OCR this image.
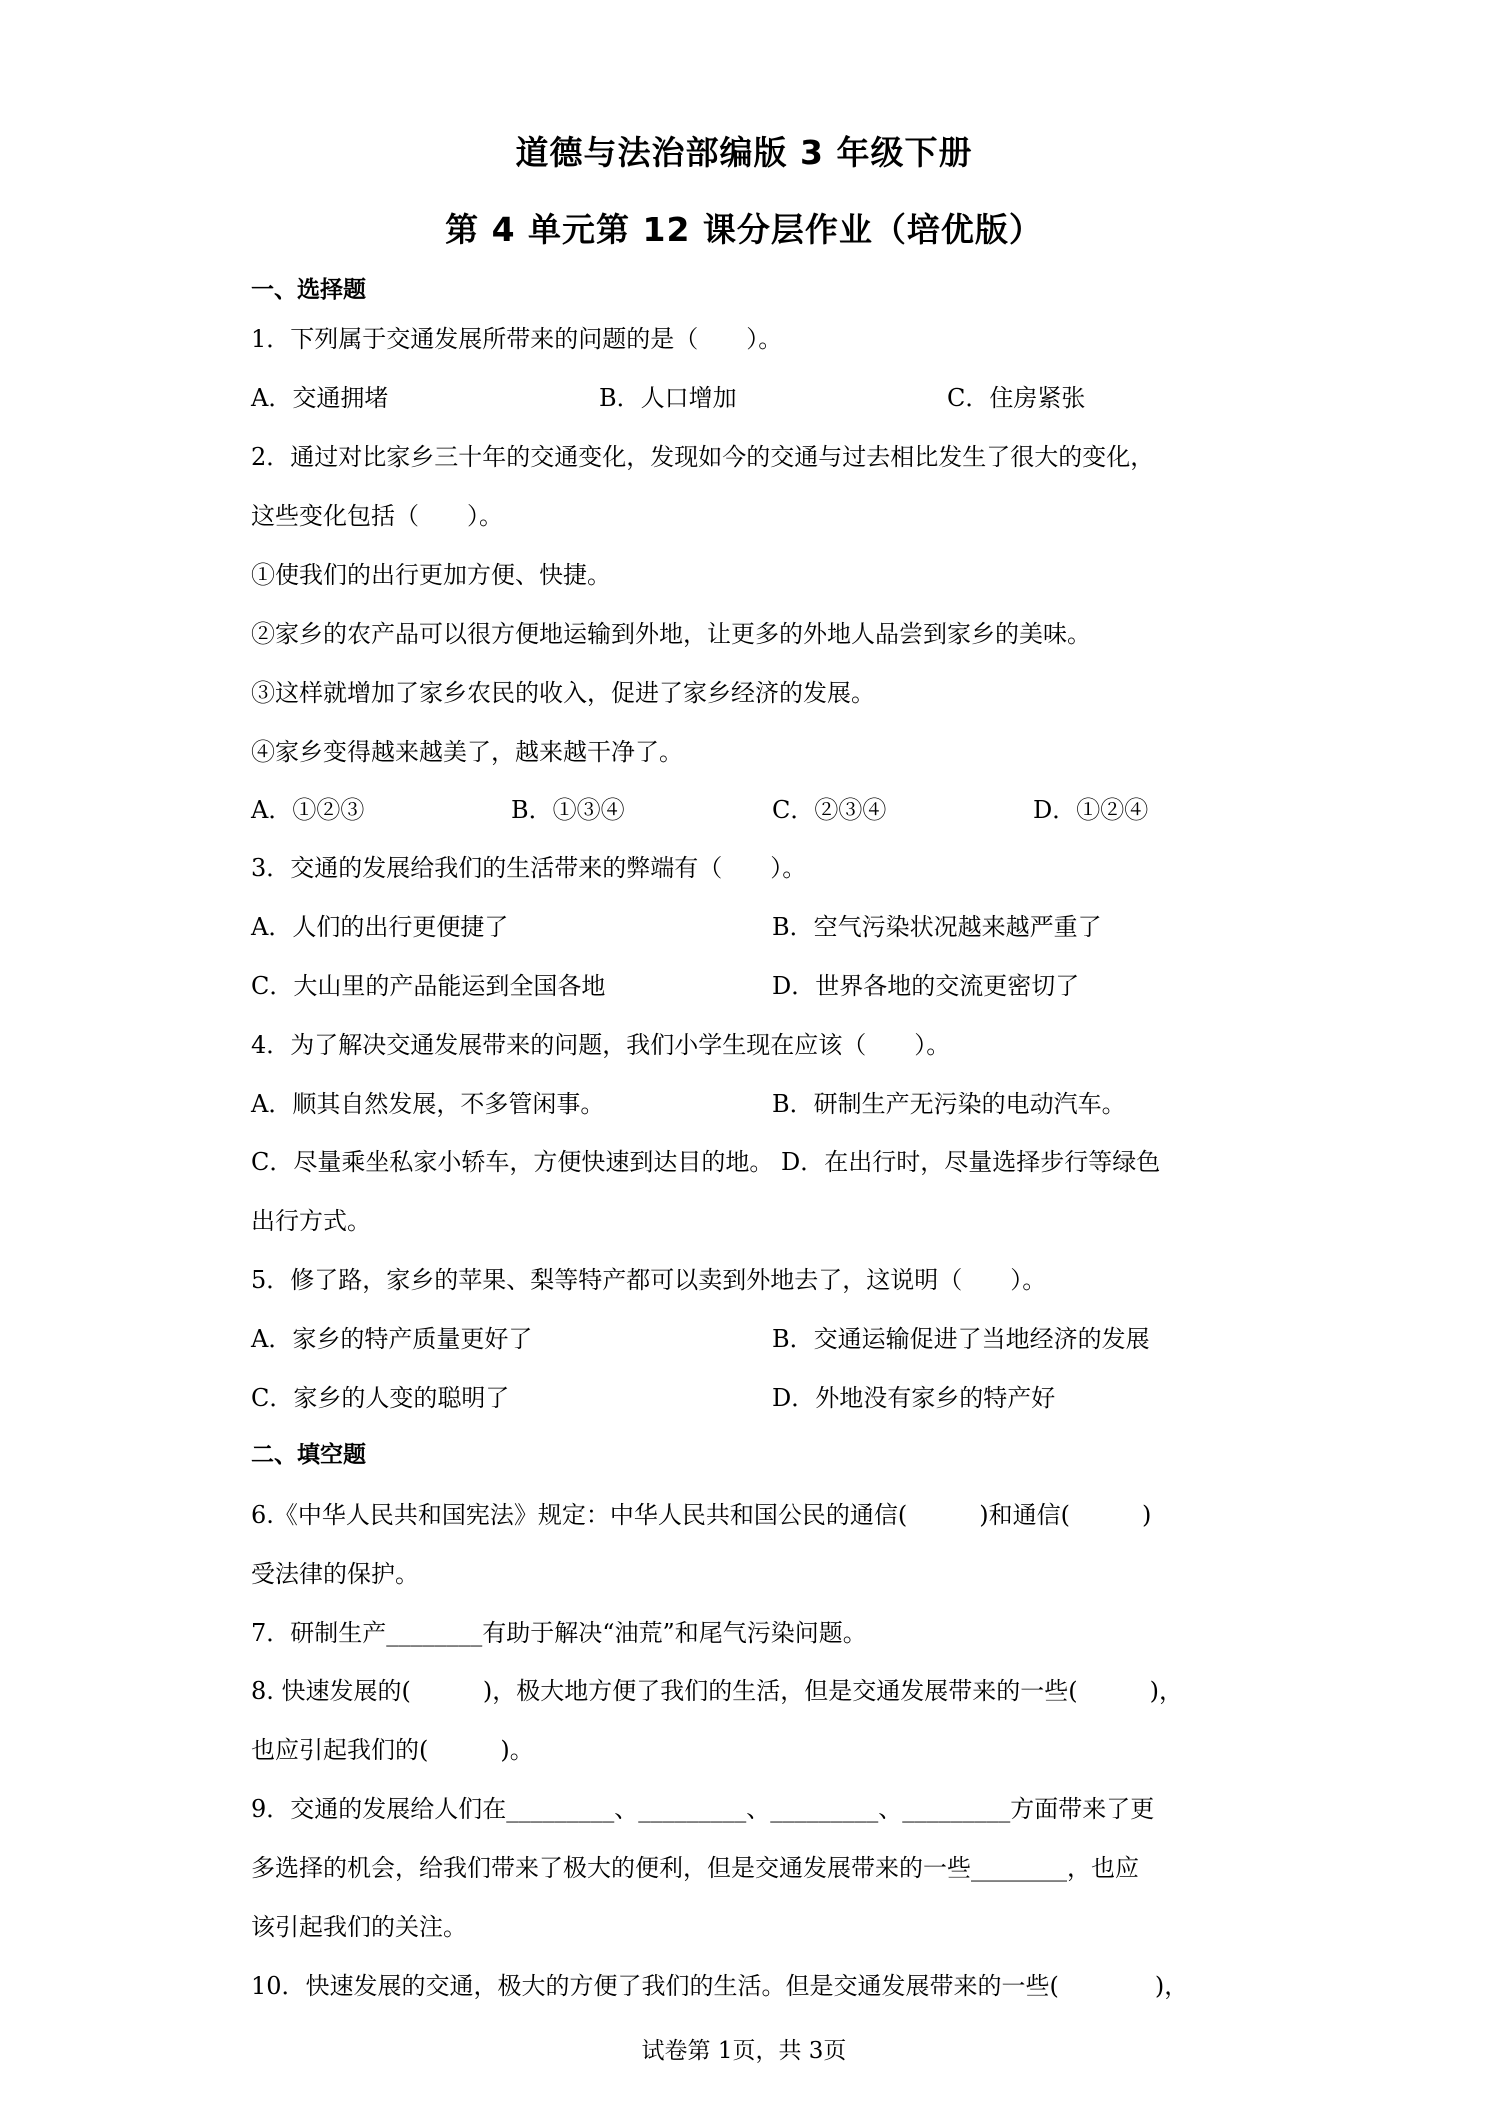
道德与法治部编版 3 年级下册
第 4 单元第 12 课分层作业（培优版）
一、选择题
1．下列属于交通发展所带来的问题的是（　　）。
A．交通拥堵	B．人口增加	C．住房紧张
2．通过对比家乡三十年的交通变化，发现如今的交通与过去相比发生了很大的变化，
这些变化包括（　　）。
①使我们的出行更加方便、快捷。
②家乡的农产品可以很方便地运输到外地，让更多的外地人品尝到家乡的美味。
③这样就增加了家乡农民的收入，促进了家乡经济的发展。
④家乡变得越来越美了，越来越干净了。
A．①②③	B．①③④	C．②③④	D．①②④
3．交通的发展给我们的生活带来的弊端有（　　）。
A．人们的出行更便捷了	B．空气污染状况越来越严重了
C．大山里的产品能运到全国各地	D．世界各地的交流更密切了
4．为了解决交通发展带来的问题，我们小学生现在应该（　　）。
A．顺其自然发展，不多管闲事。	B．研制生产无污染的电动汽车。
C．尽量乘坐私家小轿车，方便快速到达目的地。 D．在出行时，尽量选择步行等绿色
出行方式。
5．修了路，家乡的苹果、梨等特产都可以卖到外地去了，这说明（　　）。
A．家乡的特产质量更好了	B．交通运输促进了当地经济的发展
C．家乡的人变的聪明了	D．外地没有家乡的特产好
二、填空题
6.《中华人民共和国宪法》规定：中华人民共和国公民的通信(　　　)和通信(　　　)
受法律的保护。
7．研制生产________有助于解决“油荒”和尾气污染问题。
8. 快速发展的(　　　)，极大地方便了我们的生活，但是交通发展带来的一些(　　　)，
也应引起我们的(　　　)。
9．交通的发展给人们在_________、_________、_________、_________方面带来了更
多选择的机会，给我们带来了极大的便利，但是交通发展带来的一些________，也应
该引起我们的关注。
10．快速发展的交通，极大的方便了我们的生活。但是交通发展带来的一些(　　　　)，
试卷第 1页，共 3页
